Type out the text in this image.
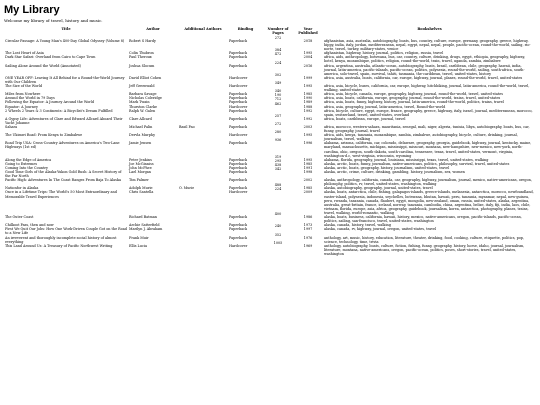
My Library

Welcome my library of travel, history and music.

Title	Author	Additional Authors	Binding	Number of Pages	Year Published	Bookshelves
Circular Passage: A Young Man's 400-Day Global Odyssey (Volume 8)	Robert S Hardy		Paperback	272	2018	afghanistan, asia, australia, autobiography, boats, bus, country, culture, europe, germany, geography, greece, highway, hippy, india, italy, jordan, mediterranean, nepal, egypt, nepal, nepal, people, pacific-ocean, round-the-world, sailing, rio-norte, travel, turkey, military-states, venice
The Lost Heart of Asia	Colin Thubron		Paperback	384	1995	afghanistan, highway, history, journal, politics, religion, russia, travel
Dark Star Safari: Overland from Cairo to Cape Town	Paul Theroux		Paperback	472	2004	africa, aids, anthropology, botswana, bus, car, country, culture, drinking, drugs, egypt, ethiopia, geography, highway, hotel, kenya, mozambique, politics, religion, round-the-world, train, travel, uganda, zambia, zimbabwe
Sailing Alone Around the World (Annotated)	Joshua Slocum		Paperback	224	2016	africa, argentina, australia, atlantic-ocean, autobiography, boats, brazil, caribbean, chile, geography, hawaii, india, journal, latin-america, pacific-islands, pacific-ocean, politics, polynesia, round-the-world, sailing, south-africa, south-america, solo-travel, spain, survival, tahiti, tasmania, the-caribbean, travel, united-states, history
ONE YEAR OFF: Leaving It All Behind for a Round-the-World Journey with Our Children	David Elliot Cohen		Hardcover	302	1999	africa, asia, australia, boats, california, car, europe, highway, journal, planes, round-the-world, travel, united-states
The Size of the World	Jeff Greenwald		Hardcover	349	1995	africa, asia, bicycle, buses, california, car, europe, highway, hitchhiking, journal, latin-america, round-the-world, travel, walking, united-states
Miles from Nowhere	Barbara Savage		Paperback	340	1985	africa, asia, bicycle, canada, europe, geography, highway, journal, round-the-world, travel, united-states
Around the World in 79 Days	Nicholas Coleridge		Paperback	190	1990	africa, asia, boats, california, europe, geography, journal, round-the-world, trains, travel, united-states
Following the Equator: A Journey Around the World	Mark Twain		Paperback	712	1989	africa, asia, boats, funny, highway, history, journal, latin-america, round-the-world, politics, trains, travel
Equator: A Journey	Thurston Clarke		Hardcover	462	1988	africa, asia, geography, journal, latin-america, travel, Round-the-world
2 Wheels 2 Years & 3 Continents: A Bicyclist's Dream Fulfilled	Ralph W. Galen		Paperback		1992	africa, bicycle, culture, egypt, europe, france, geography, greece, highway, italy, israel, journal, mediterranean, morocco, spain, switzerland, travel, united-states, overland
A Gypsy Life: Adventures of Clare and Edward Allcard Aboard Their Yacht Johanne	Clare Allcard		Paperback	257	1992	africa, boats, caribbean, europe, journal, travel
Sahara	Michael Palin	Basil Pao	Paperback	272	2003	africa, morocco, western-sahara, mauritania, senegal, mali, niger, algeria, tunisia, libya, autobiography, boats, bus, car, funny, geography, journal, travel
The Ukimwi Road: From Kenya to Zimbabwe	Dervla Murphy		Hardcover	280	1995	africa, aids, kenya, tanzania, mozambique, zambia, zimbabwe, autobiography, bicycle, culture, drinking, journal, journalism, travel, walking
Road Trip USA: Cross-Country Adventures on America's Two-Lane Highways (1st ed)	Jamie Jensen		Paperback	936	1996	alabama, arizona, california, car, colorado, delaware, geography, georgia, guidebook, highway, journal, kentucky, maine, maryland, massachusetts, michigan, mississippi, missouri, montana, new-hampshire, new-mexico, new-york, north-carolina, ohio, oregon, south-dakota, south-carolina, tennessee, texas, travel, united-states, vermont, virginia, washington-d.c, west-virginia, wisconsin, wyoming
Along the Edge of America	Peter Jenkins		Paperback	319	1995	alabama, florida, geography, journal, louisiana, mississippi, texas, travel, united-states, walking
Going to Extremes	Joe McGinniss		Paperback	295	1985	alaska, arctic, boats, funny, journalism, native-americans, politics, philosophy, survival, travel, united-states
Coming Into the Country	John McPhee		Paperback	438	1991	alaska, arctic, boats, geography, history, journalism, united-states, travel
Good Time Girls of the Alaska-Yukon Gold Rush: A Secret History of the Far North	Lael Morgan		Paperback	342	1998	alaska, arctic, crime, culture, drinking, gambling, history, journalism, sex, women
Pacific High: Adventures In The Coast Ranges From Baja To Alaska	Tim Palmer		Paperback		2002	alaska, anthropology, california, canada, car, geography, highway, journalism, journal, mexico, native-americans, oregon, philosophy, politics, rv, travel, united-states, washington, walking
Nationfor in Alaska	Adolph Murie	O. Murie	Paperback	488	1985	alaska, autobiography, geography, journal, united-states, travel
Once in a Lifetime Trips: The World's 50 Most Extraordinary and Memorable Travel Experiences	Chris Santella		Hardcover	224	2009	alaska, boats, antarctica, chile, fishing, galapagos-islands, greece-islands, melanesia, antarctica, morocco, newfoundland, easter-island, polynesia, indonesia, seychelles, botswana, bhutan, hawaii, peru, tanzania, myanmar, nepal, new-guinea, peru, rwanda, tanzania, canada, flaubert, egypt, mongolia, new-zealand, oman, russia, united-states, alaska, argentina, australia, great-britain, france, iceland, norway, tanzania, cambodia, china, argentina, belize, italy, fiji, india, laos, chile, vietnam, florida, europe, asia, africa, geography, guidebook, journalism, korea, antarctica, photography, planes, trains, travel, walking, world-romantic, walking
The Outer Coast	Richard Batman		Paperback	400	1986	alaska, boats, business, california, hawaii, history, mexico, native-americans, oregon, pacific-islands, pacific-ocean, politics, sailing, san-francisco, travel, united-states, washington
Chilkoot Pass, then and now	Archie Satterfield		Paperback		1973	alaska, canada, history, travel, walking
First We Quit Our Jobs: How One Work-Driven Couple Got on the Road to a New Life	Marilyn J. Abraham		Paperback	240	1997	alaska, canada, rv, highway, journal, oregon, united-states, travel
An irreverent and thoroughly incomplete social history of almost everything	Frank Muir		Paperback	352	1976	anthology, art, music, history, education, literature, theater, drinking, food, cooking, culture, etiquette, politics, pop, science, technology, time, trivia
This Land Around Us: A Treasury of Pacific Northwest Writing	Ellis Lucia		Hardcover	1005	1969	anthology, autobiography, boats, culture, fiction, fishing, funny, geography, history, horse, idaho, journal, journalism, literature, montana, native-americans, oregon, pacific-ocean, politics, poses, short-stories, travel, united-states, washington
